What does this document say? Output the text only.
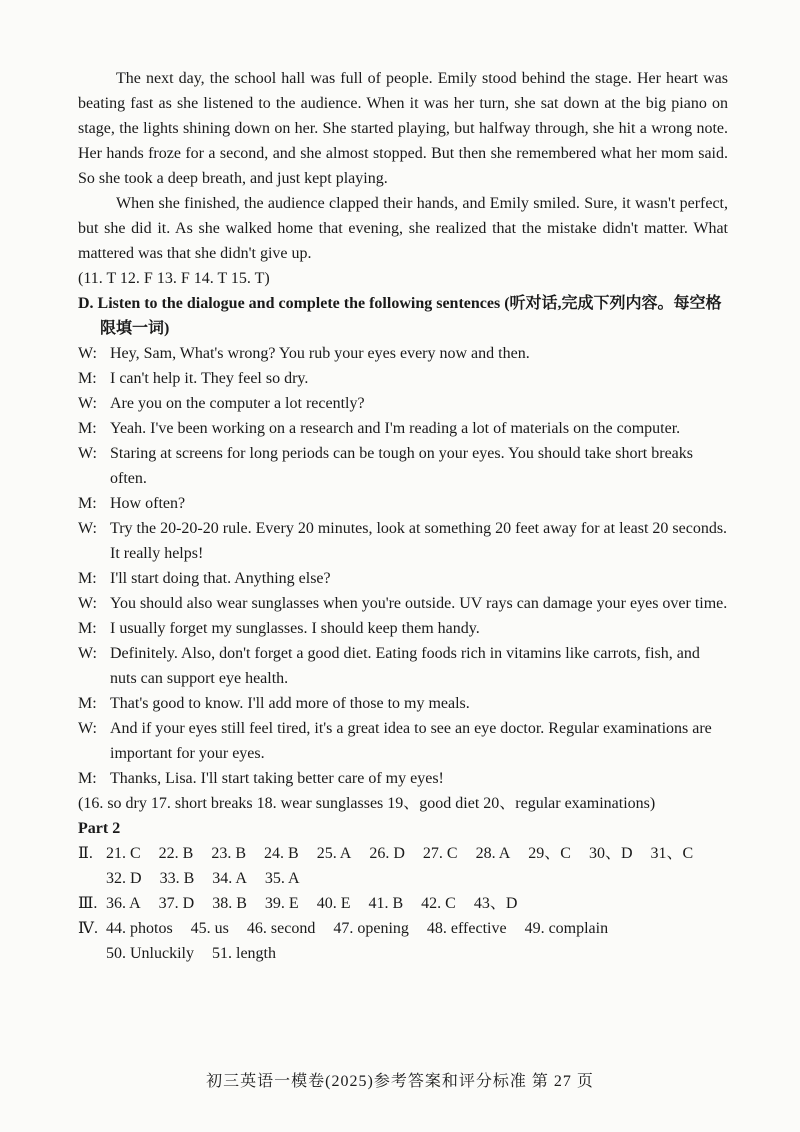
The next day, the school hall was full of people. Emily stood behind the stage. Her heart was beating fast as she listened to the audience. When it was her turn, she sat down at the big piano on stage, the lights shining down on her. She started playing, but halfway through, she hit a wrong note. Her hands froze for a second, and she almost stopped. But then she remembered what her mom said. So she took a deep breath, and just kept playing.

When she finished, the audience clapped their hands, and Emily smiled. Sure, it wasn't perfect, but she did it. As she walked home that evening, she realized that the mistake didn't matter. What mattered was that she didn't give up.

(11. T 12. F 13. F 14. T 15. T)

D. Listen to the dialogue and complete the following sentences (听对话,完成下列内容。每空格限填一词)

W: Hey, Sam, What's wrong? You rub your eyes every now and then.
M: I can't help it. They feel so dry.
W: Are you on the computer a lot recently?
M: Yeah. I've been working on a research and I'm reading a lot of materials on the computer.
W: Staring at screens for long periods can be tough on your eyes. You should take short breaks often.
M: How often?
W: Try the 20-20-20 rule. Every 20 minutes, look at something 20 feet away for at least 20 seconds. It really helps!
M: I'll start doing that. Anything else?
W: You should also wear sunglasses when you're outside. UV rays can damage your eyes over time.
M: I usually forget my sunglasses. I should keep them handy.
W: Definitely. Also, don't forget a good diet. Eating foods rich in vitamins like carrots, fish, and nuts can support eye health.
M: That's good to know. I'll add more of those to my meals.
W: And if your eyes still feel tired, it's a great idea to see an eye doctor. Regular examinations are important for your eyes.
M: Thanks, Lisa. I'll start taking better care of my eyes!

(16. so dry 17. short breaks 18. wear sunglasses 19、good diet 20、regular examinations)

Part 2

Ⅱ. 21. C 22. B 23. B 24. B 25. A 26. D 27. C 28. A 29、C 30、D 31、C 32. D 33. B 34. A 35. A
Ⅲ. 36. A 37. D 38. B 39. E 40. E 41. B 42. C 43、D
Ⅳ. 44. photos 45. us 46. second 47. opening 48. effective 49. complain 50. Unluckily 51. length
初三英语一模卷(2025)参考答案和评分标准 第 27 页
